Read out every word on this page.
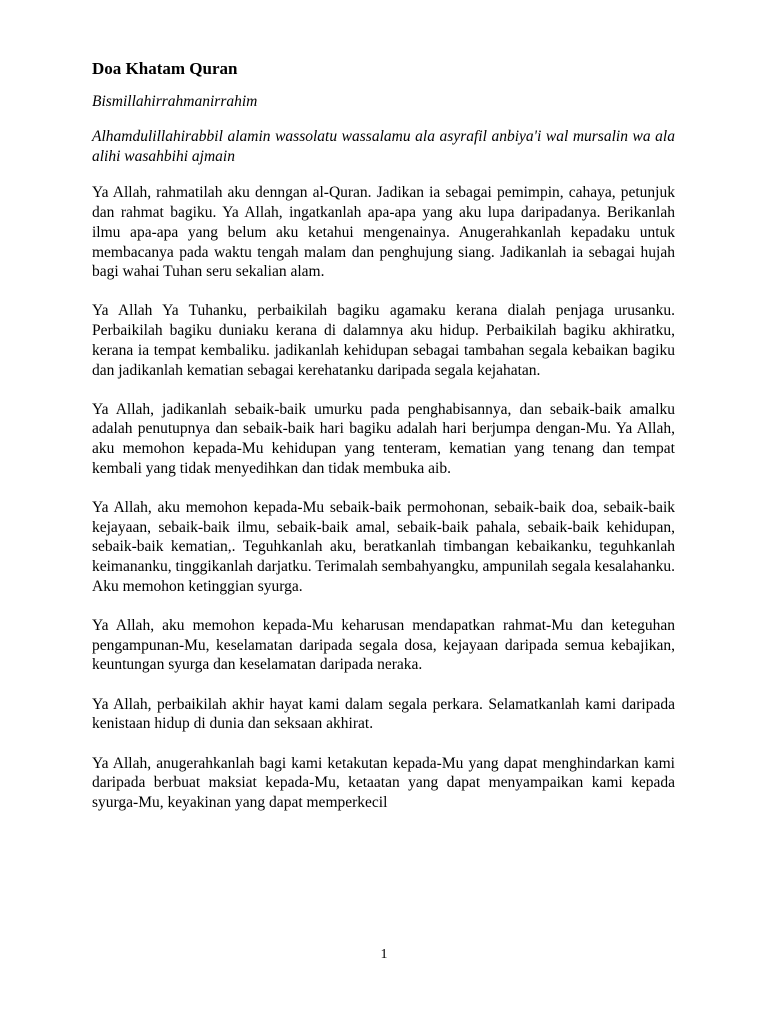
Doa Khatam Quran

Bismillahirrahmanirrahim

Alhamdulillahirabbil alamin wassolatu wassalamu ala asyrafil anbiya'i wal mursalin wa ala alihi wasahbihi ajmain

Ya Allah, rahmatilah aku denngan al-Quran. Jadikan ia sebagai pemimpin, cahaya, petunjuk dan rahmat bagiku. Ya Allah, ingatkanlah apa-apa yang aku lupa daripadanya. Berikanlah ilmu apa-apa yang belum aku ketahui mengenainya. Anugerahkanlah kepadaku untuk membacanya pada waktu tengah malam dan penghujung siang. Jadikanlah ia sebagai hujah bagi wahai Tuhan seru sekalian alam.

Ya Allah Ya Tuhanku, perbaikilah bagiku agamaku kerana dialah penjaga urusanku. Perbaikilah bagiku duniaku kerana di dalamnya aku hidup. Perbaikilah bagiku akhiratku, kerana ia tempat kembaliku. jadikanlah kehidupan sebagai tambahan segala kebaikan bagiku dan jadikanlah kematian sebagai kerehatanku daripada segala kejahatan.

Ya Allah, jadikanlah sebaik-baik umurku pada penghabisannya, dan sebaik-baik amalku adalah penutupnya dan sebaik-baik hari bagiku adalah hari berjumpa dengan-Mu. Ya Allah, aku memohon kepada-Mu kehidupan yang tenteram, kematian yang tenang dan tempat kembali yang tidak menyedihkan dan tidak membuka aib.

Ya Allah, aku memohon kepada-Mu sebaik-baik permohonan, sebaik-baik doa, sebaik-baik kejayaan, sebaik-baik ilmu, sebaik-baik amal, sebaik-baik pahala, sebaik-baik kehidupan, sebaik-baik kematian,. Teguhkanlah aku, beratkanlah timbangan kebaikanku, teguhkanlah keimananku, tinggikanlah darjatku. Terimalah sembahyangku, ampunilah segala kesalahanku. Aku memohon ketinggian syurga.

Ya Allah, aku memohon kepada-Mu keharusan mendapatkan rahmat-Mu dan keteguhan pengampunan-Mu, keselamatan daripada segala dosa, kejayaan daripada semua kebajikan, keuntungan syurga dan keselamatan daripada neraka.

Ya Allah, perbaikilah akhir hayat kami dalam segala perkara. Selamatkanlah kami daripada kenistaan hidup di dunia dan seksaan akhirat.

Ya Allah, anugerahkanlah bagi kami ketakutan kepada-Mu yang dapat menghindarkan kami daripada berbuat maksiat kepada-Mu, ketaatan yang dapat menyampaikan kami kepada syurga-Mu, keyakinan yang dapat memperkecil

1
